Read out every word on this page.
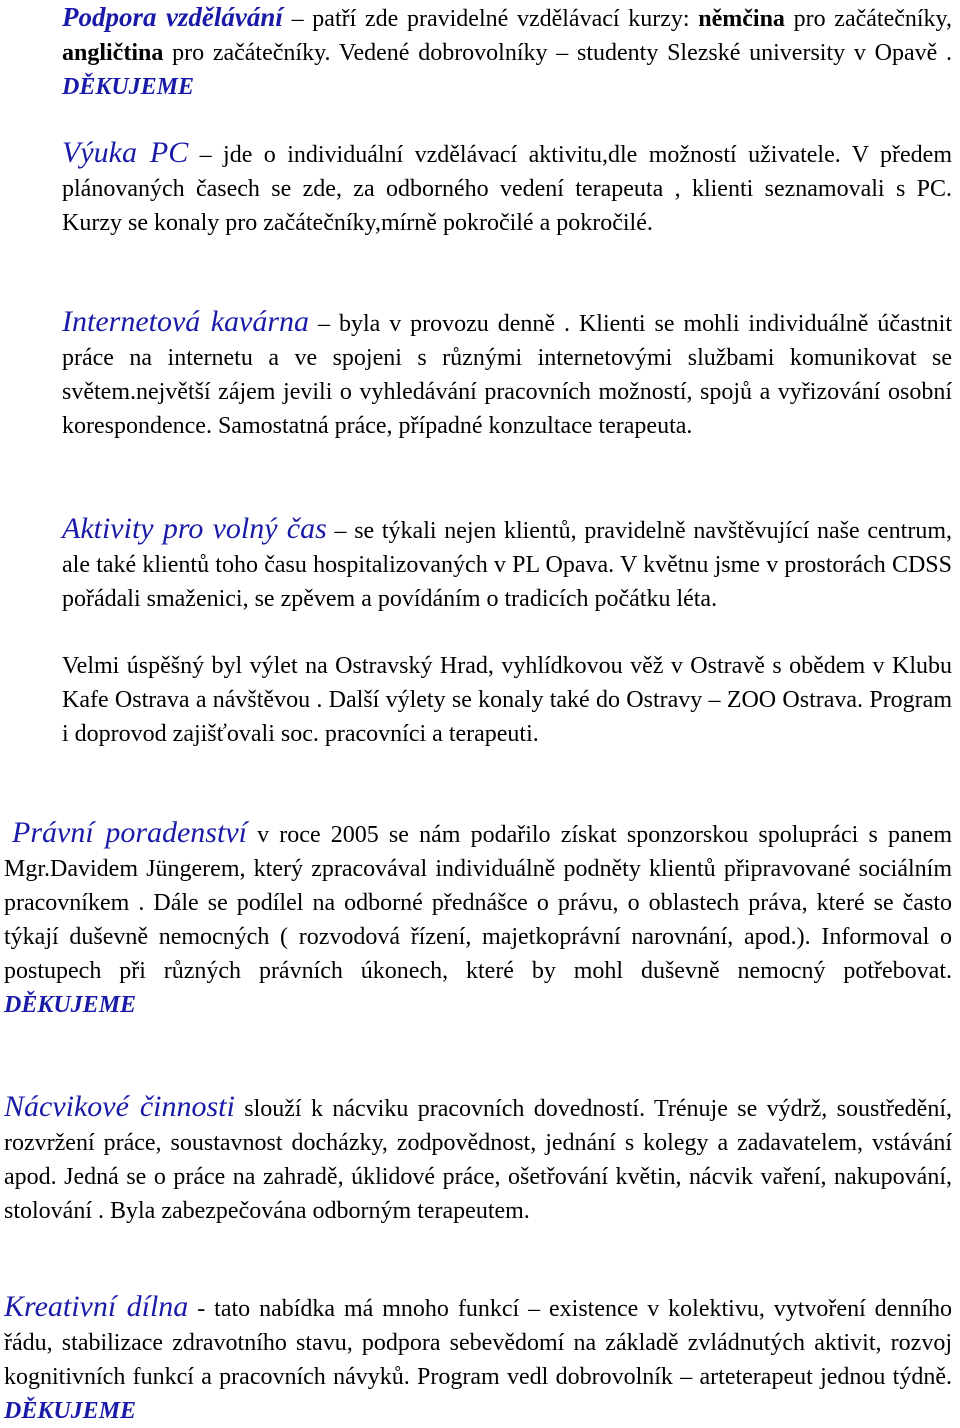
Podpora vzdělávání – patří zde pravidelné vzdělávací kurzy: němčina pro začátečníky, angličtina pro začátečníky. Vedené dobrovolníky – studenty Slezské university v Opavě . DĚKUJEME

Výuka PC – jde o individuální vzdělávací aktivitu,dle možností uživatele. V předem plánovaných časech se zde, za odborného vedení terapeuta , klienti seznamovali s PC. Kurzy se konaly pro začátečníky,mírně pokročilé a pokročilé.

Internetová kavárna – byla v provozu denně . Klienti se mohli individuálně účastnit práce na internetu a ve spojeni s různými internetovými službami komunikovat se světem.největší zájem jevili o vyhledávání pracovních možností, spojů a vyřizování osobní korespondence. Samostatná práce, případné konzultace terapeuta.

Aktivity pro volný čas – se týkali nejen klientů, pravidelně navštěvující naše centrum, ale také klientů toho času hospitalizovaných v PL Opava. V květnu jsme v prostorách CDSS pořádali smaženici, se zpěvem a povídáním o tradicích počátku léta.

Velmi úspěšný byl výlet na Ostravský Hrad, vyhlídkovou věž v Ostravě s obědem v Klubu Kafe Ostrava a návštěvou . Další výlety se konaly také do Ostravy – ZOO Ostrava. Program i doprovod zajišťovali soc. pracovníci a terapeuti.

Právní poradenství v roce 2005 se nám podařilo získat sponzorskou spolupráci s panem Mgr.Davidem Jüngerem, který zpracovával individuálně podněty klientů připravované sociálním pracovníkem . Dále se podílel na odborné přednášce o právu, o oblastech práva, které se často týkají duševně nemocných ( rozvodová řízení, majetkoprávní narovnání, apod.). Informoval o postupech při různých právních úkonech, které by mohl duševně nemocný potřebovat. DĚKUJEME

Nácvikové činnosti slouží k nácviku pracovních dovedností. Trénuje se výdrž, soustředění, rozvržení práce, soustavnost docházky, zodpovědnost, jednání s kolegy a zadavatelem, vstávání apod. Jedná se o práce na zahradě, úklidové práce, ošetřování květin, nácvik vaření, nakupování, stolování . Byla zabezpečována odborným terapeutem.

Kreativní dílna - tato nabídka má mnoho funkcí – existence v kolektivu, vytvoření denního řádu, stabilizace zdravotního stavu, podpora sebevědomí na základě zvládnutých aktivit, rozvoj kognitivních funkcí a pracovních návyků. Program vedl dobrovolník – arteterapeut jednou týdně. DĚKUJEME
